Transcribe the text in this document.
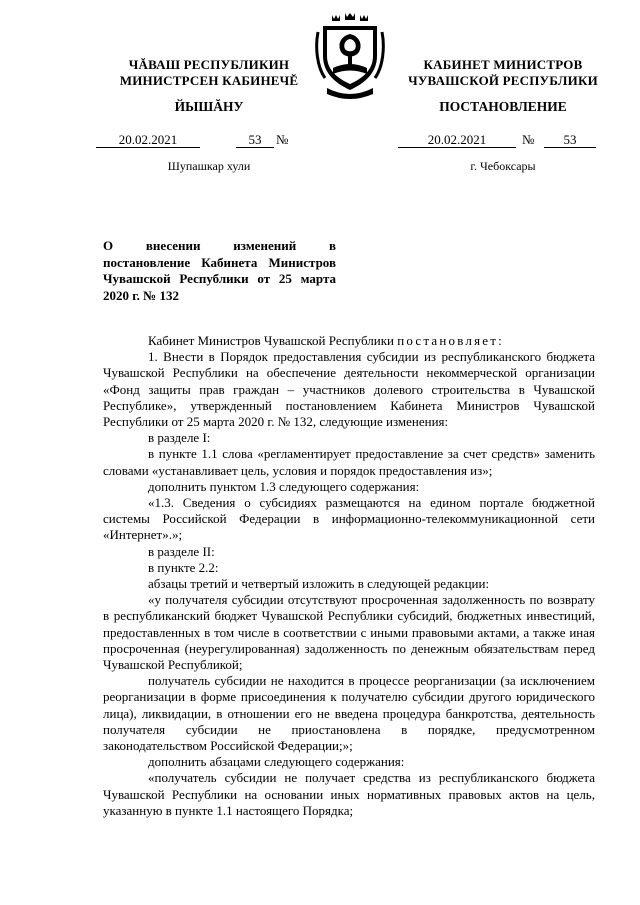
ЧĂВАШ РЕСПУБЛИКИН
МИНИСТРСЕН КАБИНЕЧĔ
ЙЫШĂНУ
КАБИНЕТ МИНИСТРОВ
ЧУВАШСКОЙ РЕСПУБЛИКИ
ПОСТАНОВЛЕНИЕ
20.02.2021	53	№	20.02.2021	№	53
Шупашкар хули	г. Чебоксары
О внесении изменений в постановление Кабинета Министров Чувашской Республики от 25 марта 2020 г. № 132

Кабинет Министров Чувашской Республики постановляет:

1. Внести в Порядок предоставления субсидии из республиканского бюджета Чувашской Республики на обеспечение деятельности некоммерческой организации «Фонд защиты прав граждан – участников долевого строительства в Чувашской Республике», утвержденный постановлением Кабинета Министров Чувашской Республики от 25 марта 2020 г. № 132, следующие изменения:

в разделе I:

в пункте 1.1 слова «регламентирует предоставление за счет средств» заменить словами «устанавливает цель, условия и порядок предоставления из»;

дополнить пунктом 1.3 следующего содержания:

«1.3. Сведения о субсидиях размещаются на едином портале бюджетной системы Российской Федерации в информационно-телекоммуникационной сети «Интернет».»;

в разделе II:

в пункте 2.2:

абзацы третий и четвертый изложить в следующей редакции:

«у получателя субсидии отсутствуют просроченная задолженность по возврату в республиканский бюджет Чувашской Республики субсидий, бюджетных инвестиций, предоставленных в том числе в соответствии с иными правовыми актами, а также иная просроченная (неурегулированная) задолженность по денежным обязательствам перед Чувашской Республикой;

получатель субсидии не находится в процессе реорганизации (за исключением реорганизации в форме присоединения к получателю субсидии другого юридического лица), ликвидации, в отношении его не введена процедура банкротства, деятельность получателя субсидии не приостановлена в порядке, предусмотренном законодательством Российской Федерации;»;

дополнить абзацами следующего содержания:

«получатель субсидии не получает средства из республиканского бюджета Чувашской Республики на основании иных нормативных правовых актов на цель, указанную в пункте 1.1 настоящего Порядка;
